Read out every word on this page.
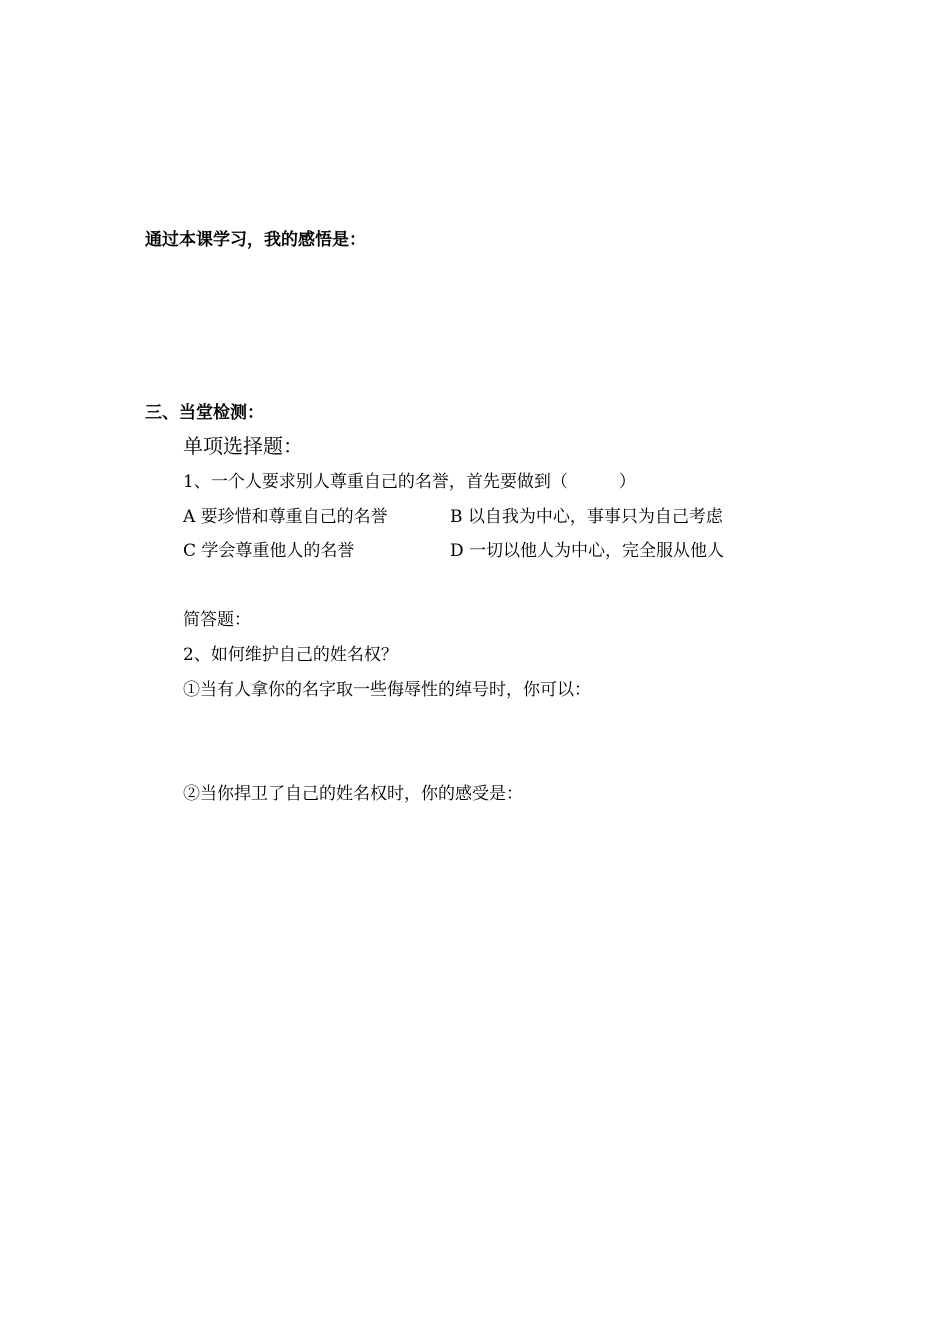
通过本课学习，我的感悟是：
三、当堂检测：
单项选择题：
1、一个人要求别人尊重自己的名誉，首先要做到（　　　）
A 要珍惜和尊重自己的名誉	B 以自我为中心，事事只为自己考虑
C 学会尊重他人的名誉	D 一切以他人为中心，完全服从他人
简答题：
2、如何维护自己的姓名权？
①当有人拿你的名字取一些侮辱性的绰号时，你可以：
②当你捍卫了自己的姓名权时，你的感受是：
